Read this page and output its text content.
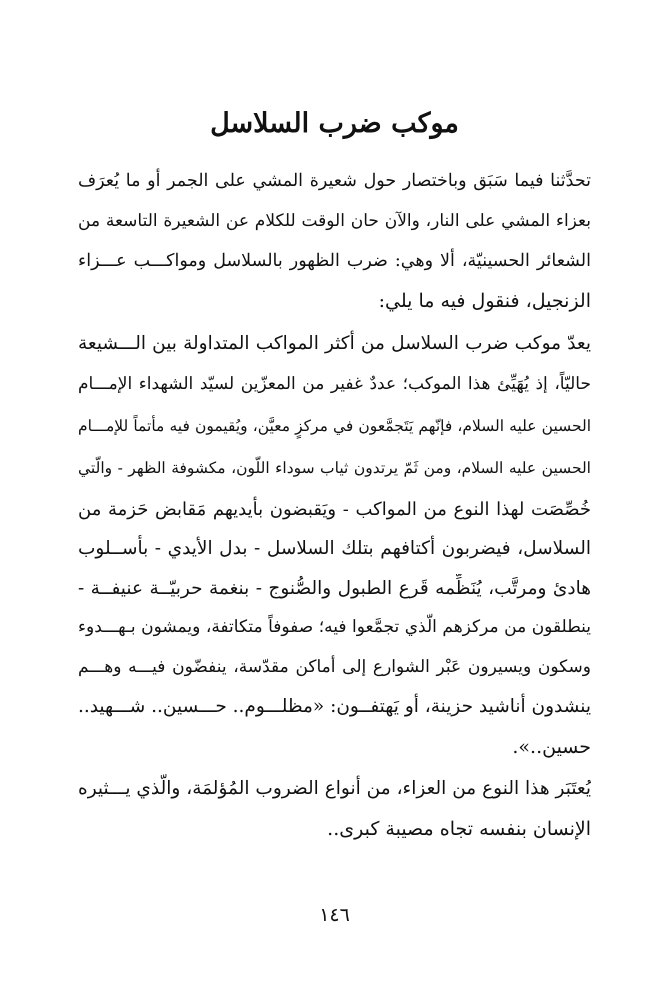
موكب ضرب السلاسل
تحدَّثنا فيما سَبَق وباختصار حول شعيرة المشي على الجمر أو ما يُعرَف
بعزاء المشي على النار، والآن حان الوقت للكلام عن الشعيرة التاسعة من
الشعائر الحسينيّة، ألا وهي: ضرب الظهور بالسلاسل ومواكـــب عـــزاء
الزنجيل، فنقول فيه ما يلي:
يعدّ موكب ضرب السلاسل من أكثر المواكب المتداولة بين الـــشيعة
حاليّاً، إذ يُهَيِّئ هذا الموكب؛ عددٌ غفير من المعزّين لسيّد الشهداء الإمـــام
الحسين عليه السلام، فإنّهم يَتَجمَّعون في مركزٍ معيَّن، ويُقيمون فيه مأتماً للإمـــام
الحسين عليه السلام، ومن ثَمّ يرتدون ثياب سوداء اللّون، مكشوفة الظهر - والّتي
خُصِّصَت لهذا النوع من المواكب - ويَقبضون بأيديهم مَقابض حَزمة من
السلاسل، فيضربون أكتافهم بتلك السلاسل - بدل الأيدي - بأســلوب
هادئ ومرتَّب، يُنَظِّمه قَرع الطبول والصُّنوج - بنغمة حربيّــة عنيفــة -
ينطلقون من مركزهم الّذي تجمَّعوا فيه؛ صفوفاً متكاتفة، ويمشون بـهـــدوء
وسكون ويسيرون عَبْر الشوارع إلى أماكن مقدّسة، ينفضّون فيـــه وهـــم
ينشدون أناشيد حزينة، أو يَهتفــون: «مظلـــوم.. حـــسين.. شـــهيد..
حسين..».
يُعتَبَر هذا النوع من العزاء، من أنواع الضروب المُؤلمَة، والّذي يـــثيره
الإنسان بنفسه تجاه مصيبة كبرى..
١٤٦
